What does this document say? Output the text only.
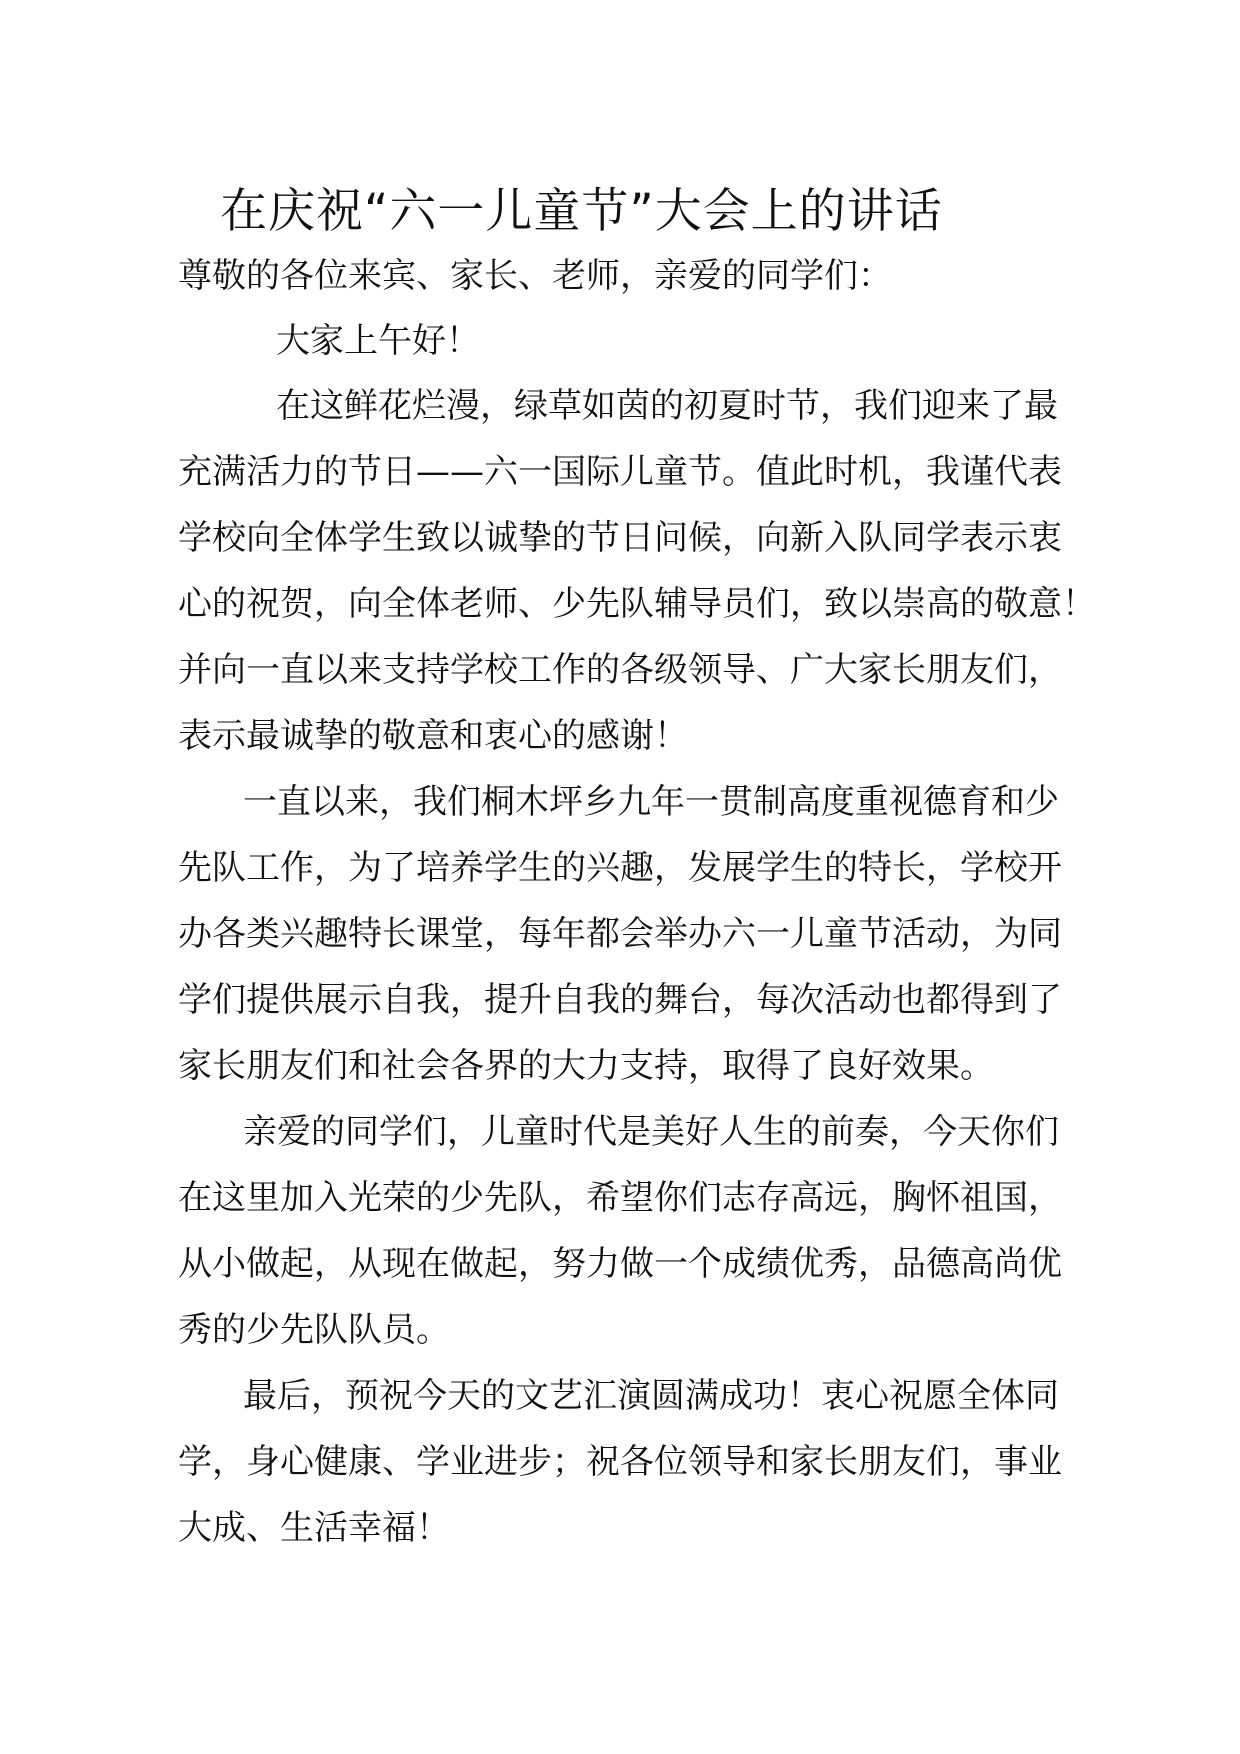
在庆祝“六一儿童节”大会上的讲话
尊敬的各位来宾、家长、老师，亲爱的同学们：
大家上午好！
在这鲜花烂漫，绿草如茵的初夏时节，我们迎来了最
充满活力的节日——六一国际儿童节。值此时机，我谨代表
学校向全体学生致以诚挚的节日问候，向新入队同学表示衷
心的祝贺，向全体老师、少先队辅导员们，致以崇高的敬意！
并向一直以来支持学校工作的各级领导、广大家长朋友们，
表示最诚挚的敬意和衷心的感谢！
一直以来，我们桐木坪乡九年一贯制高度重视德育和少
先队工作，为了培养学生的兴趣，发展学生的特长，学校开
办各类兴趣特长课堂，每年都会举办六一儿童节活动，为同
学们提供展示自我，提升自我的舞台，每次活动也都得到了
家长朋友们和社会各界的大力支持，取得了良好效果。
亲爱的同学们，儿童时代是美好人生的前奏，今天你们
在这里加入光荣的少先队，希望你们志存高远，胸怀祖国，
从小做起，从现在做起，努力做一个成绩优秀，品德高尚优
秀的少先队队员。
最后，预祝今天的文艺汇演圆满成功！衷心祝愿全体同
学，身心健康、学业进步；祝各位领导和家长朋友们，事业
大成、生活幸福！
